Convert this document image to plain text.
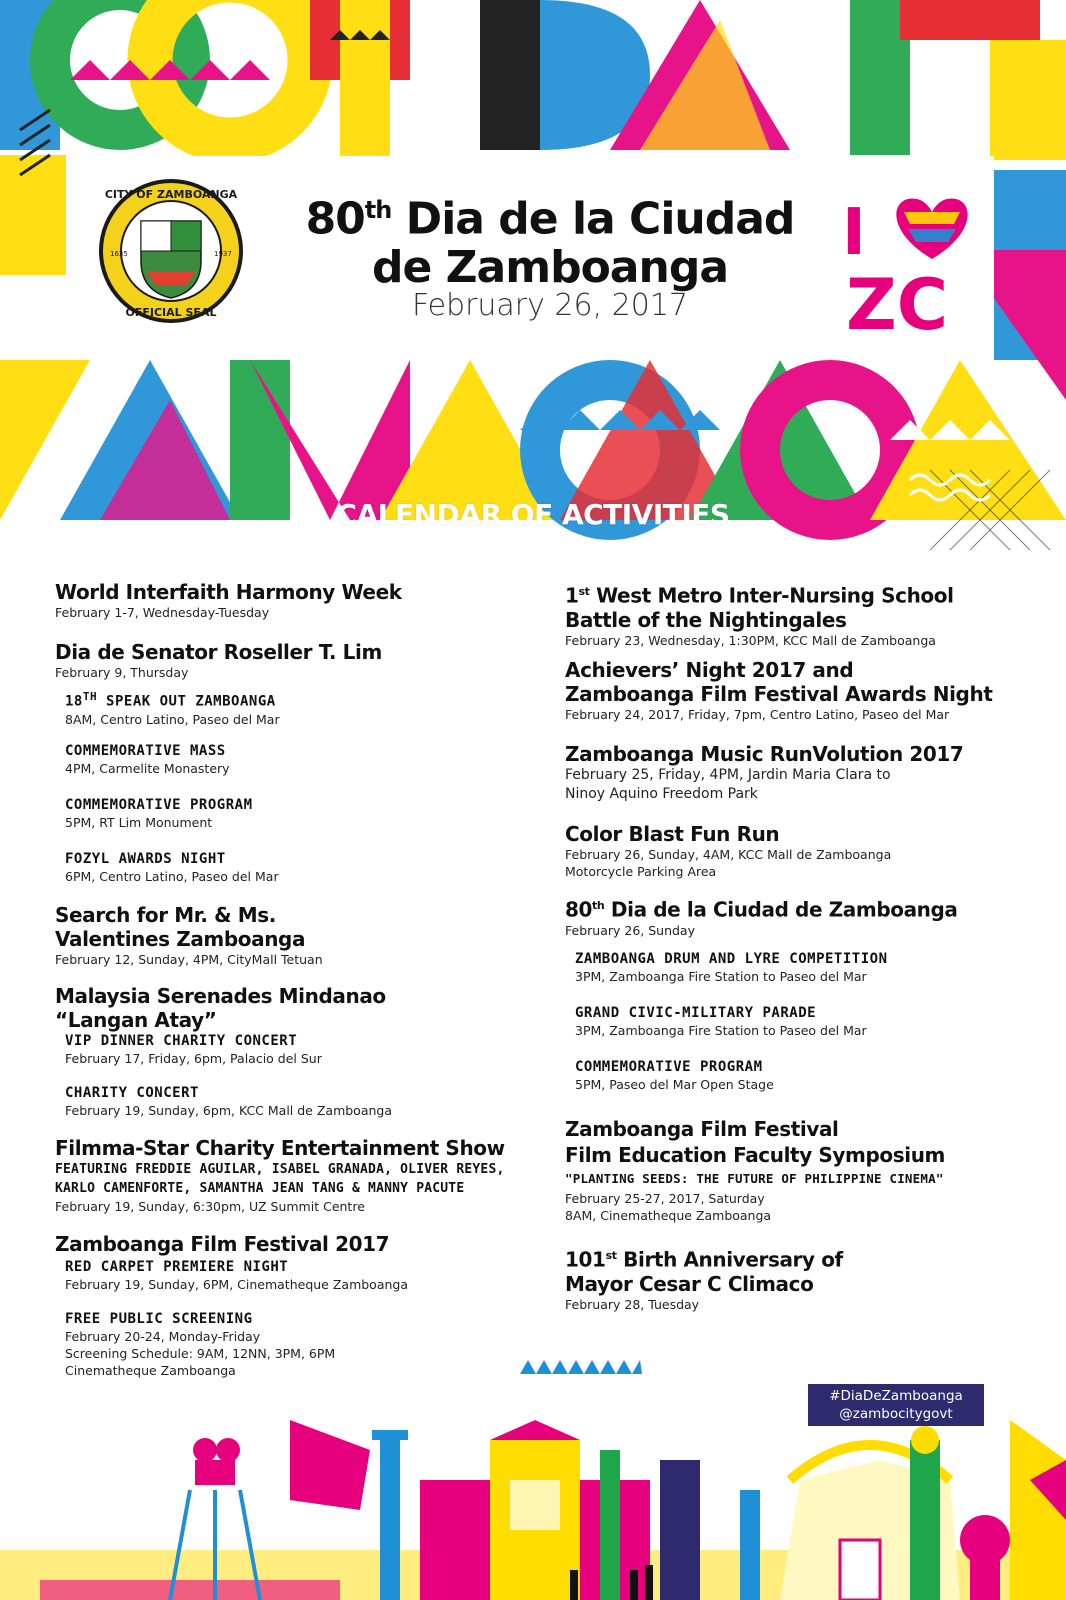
CITY OF ZAMBOANGA
OFFICIAL SEAL
1635	1937
80th Dia de la Ciudad
de Zamboanga
February 26, 2017
I
ZC
CALENDAR OF ACTIVITIES
World Interfaith Harmony Week
February 1-7, Wednesday-Tuesday
Dia de Senator Roseller T. Lim
February 9, Thursday
18TH SPEAK OUT ZAMBOANGA
8AM, Centro Latino, Paseo del Mar
COMMEMORATIVE MASS
4PM, Carmelite Monastery
COMMEMORATIVE PROGRAM
5PM, RT Lim Monument
FOZYL AWARDS NIGHT
6PM, Centro Latino, Paseo del Mar
Search for Mr. & Ms.
Valentines Zamboanga
February 12, Sunday, 4PM, CityMall Tetuan
Malaysia Serenades Mindanao
“Langan Atay”
VIP DINNER CHARITY CONCERT
February 17, Friday, 6pm, Palacio del Sur
CHARITY CONCERT
February 19, Sunday, 6pm, KCC Mall de Zamboanga
Filmma-Star Charity Entertainment Show
FEATURING FREDDIE AGUILAR, ISABEL GRANADA, OLIVER REYES,
KARLO CAMENFORTE, SAMANTHA JEAN TANG & MANNY PACUTE
February 19, Sunday, 6:30pm, UZ Summit Centre
Zamboanga Film Festival 2017
RED CARPET PREMIERE NIGHT
February 19, Sunday, 6PM, Cinematheque Zamboanga
FREE PUBLIC SCREENING
February 20-24, Monday-Friday
Screening Schedule: 9AM, 12NN, 3PM, 6PM
Cinematheque Zamboanga
1st West Metro Inter-Nursing School
Battle of the Nightingales
February 23, Wednesday, 1:30PM, KCC Mall de Zamboanga
Achievers’ Night 2017 and
Zamboanga Film Festival Awards Night
February 24, 2017, Friday, 7pm, Centro Latino, Paseo del Mar
Zamboanga Music RunVolution 2017
February 25, Friday, 4PM, Jardin Maria Clara to
Ninoy Aquino Freedom Park
Color Blast Fun Run
February 26, Sunday, 4AM, KCC Mall de Zamboanga
Motorcycle Parking Area
80th Dia de la Ciudad de Zamboanga
February 26, Sunday
ZAMBOANGA DRUM AND LYRE COMPETITION
3PM, Zamboanga Fire Station to Paseo del Mar
GRAND CIVIC-MILITARY PARADE
3PM, Zamboanga Fire Station to Paseo del Mar
COMMEMORATIVE PROGRAM
5PM, Paseo del Mar Open Stage
Zamboanga Film Festival
Film Education Faculty Symposium
"PLANTING SEEDS: THE FUTURE OF PHILIPPINE CINEMA"
February 25-27, 2017, Saturday
8AM, Cinematheque Zamboanga
101st Birth Anniversary of
Mayor Cesar C Climaco
February 28, Tuesday
#DiaDeZamboanga
@zambocitygovt
